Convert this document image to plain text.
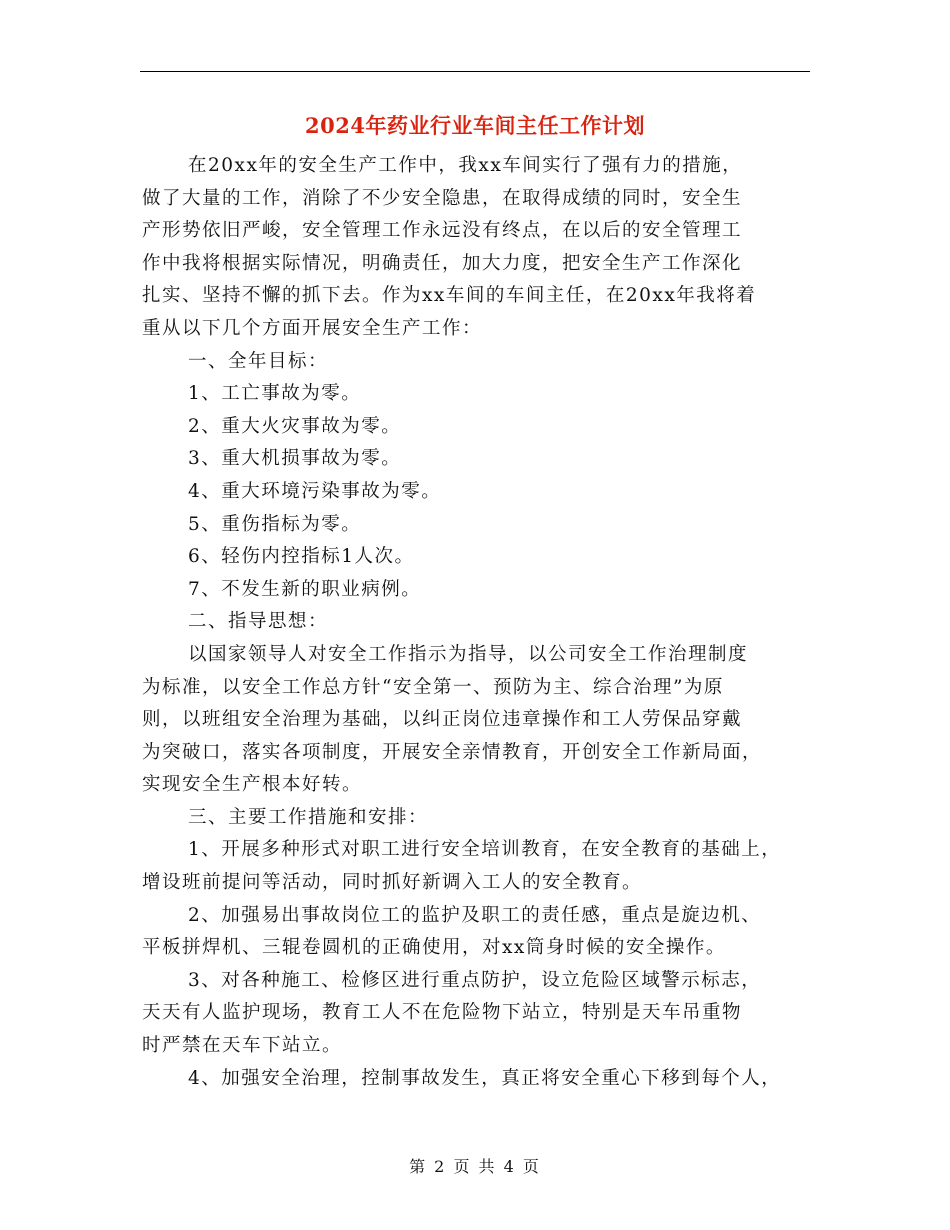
2024年药业行业车间主任工作计划
在20xx年的安全生产工作中，我xx车间实行了强有力的措施，
做了大量的工作，消除了不少安全隐患，在取得成绩的同时，安全生
产形势依旧严峻，安全管理工作永远没有终点，在以后的安全管理工
作中我将根据实际情况，明确责任，加大力度，把安全生产工作深化
扎实、坚持不懈的抓下去。作为xx车间的车间主任，在20xx年我将着
重从以下几个方面开展安全生产工作：
一、全年目标：
1、工亡事故为零。
2、重大火灾事故为零。
3、重大机损事故为零。
4、重大环境污染事故为零。
5、重伤指标为零。
6、轻伤内控指标1人次。
7、不发生新的职业病例。
二、指导思想：
以国家领导人对安全工作指示为指导，以公司安全工作治理制度
为标准，以安全工作总方针“安全第一、预防为主、综合治理”为原
则，以班组安全治理为基础，以纠正岗位违章操作和工人劳保品穿戴
为突破口，落实各项制度，开展安全亲情教育，开创安全工作新局面，
实现安全生产根本好转。
三、主要工作措施和安排：
1、开展多种形式对职工进行安全培训教育，在安全教育的基础上，
增设班前提问等活动，同时抓好新调入工人的安全教育。
2、加强易出事故岗位工的监护及职工的责任感，重点是旋边机、
平板拼焊机、三辊卷圆机的正确使用，对xx筒身时候的安全操作。
3、对各种施工、检修区进行重点防护，设立危险区域警示标志，
天天有人监护现场，教育工人不在危险物下站立，特别是天车吊重物
时严禁在天车下站立。
4、加强安全治理，控制事故发生，真正将安全重心下移到每个人，
第 2 页 共 4 页
